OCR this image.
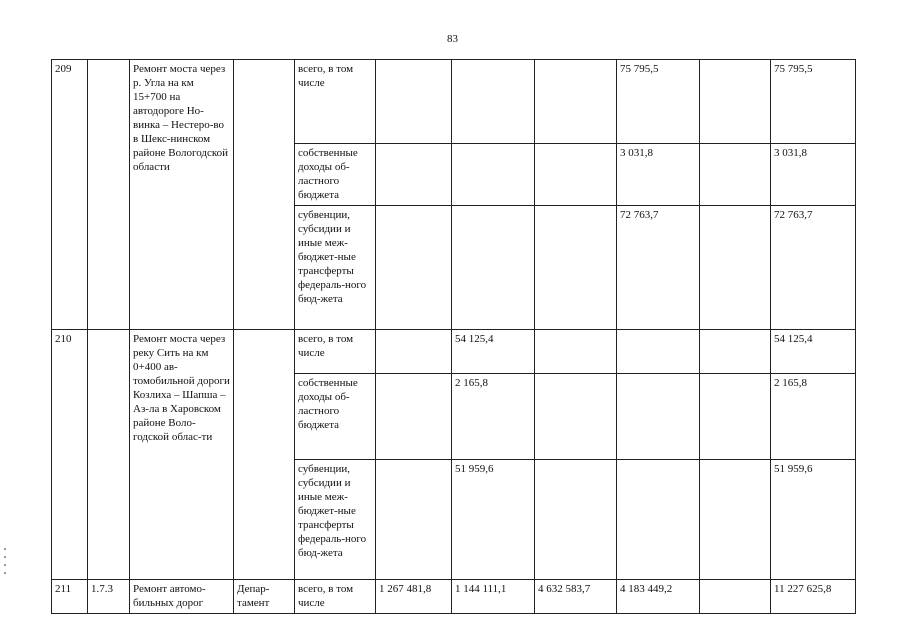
83
209		Ремонт моста через р. Угла на км 15+700 на автодороге Но-винка – Нестеро-во в Шекс-нинском районе Вологодской области		всего, в том числе				75 795,5		75 795,5
				собственные доходы об-ластного бюджета				3 031,8		3 031,8
				субвенции, субсидии и иные меж-бюджет-ные трансферты федераль-ного бюд-жета				72 763,7		72 763,7
210		Ремонт моста через реку Сить на км 0+400 ав-томобильной дороги Козлиха – Шапша – Аз-ла в Харовском районе Воло-годской облас-ти		всего, в том числе		54 125,4				54 125,4
				собственные доходы об-ластного бюджета		2 165,8				2 165,8
				субвенции, субсидии и иные меж-бюджет-ные трансферты федераль-ного бюд-жета		51 959,6				51 959,6
211	1.7.3	Ремонт автомо-бильных дорог	Депар-тамент	всего, в том числе	1 267 481,8	1 144 111,1	4 632 583,7	4 183 449,2		11 227 625,8
